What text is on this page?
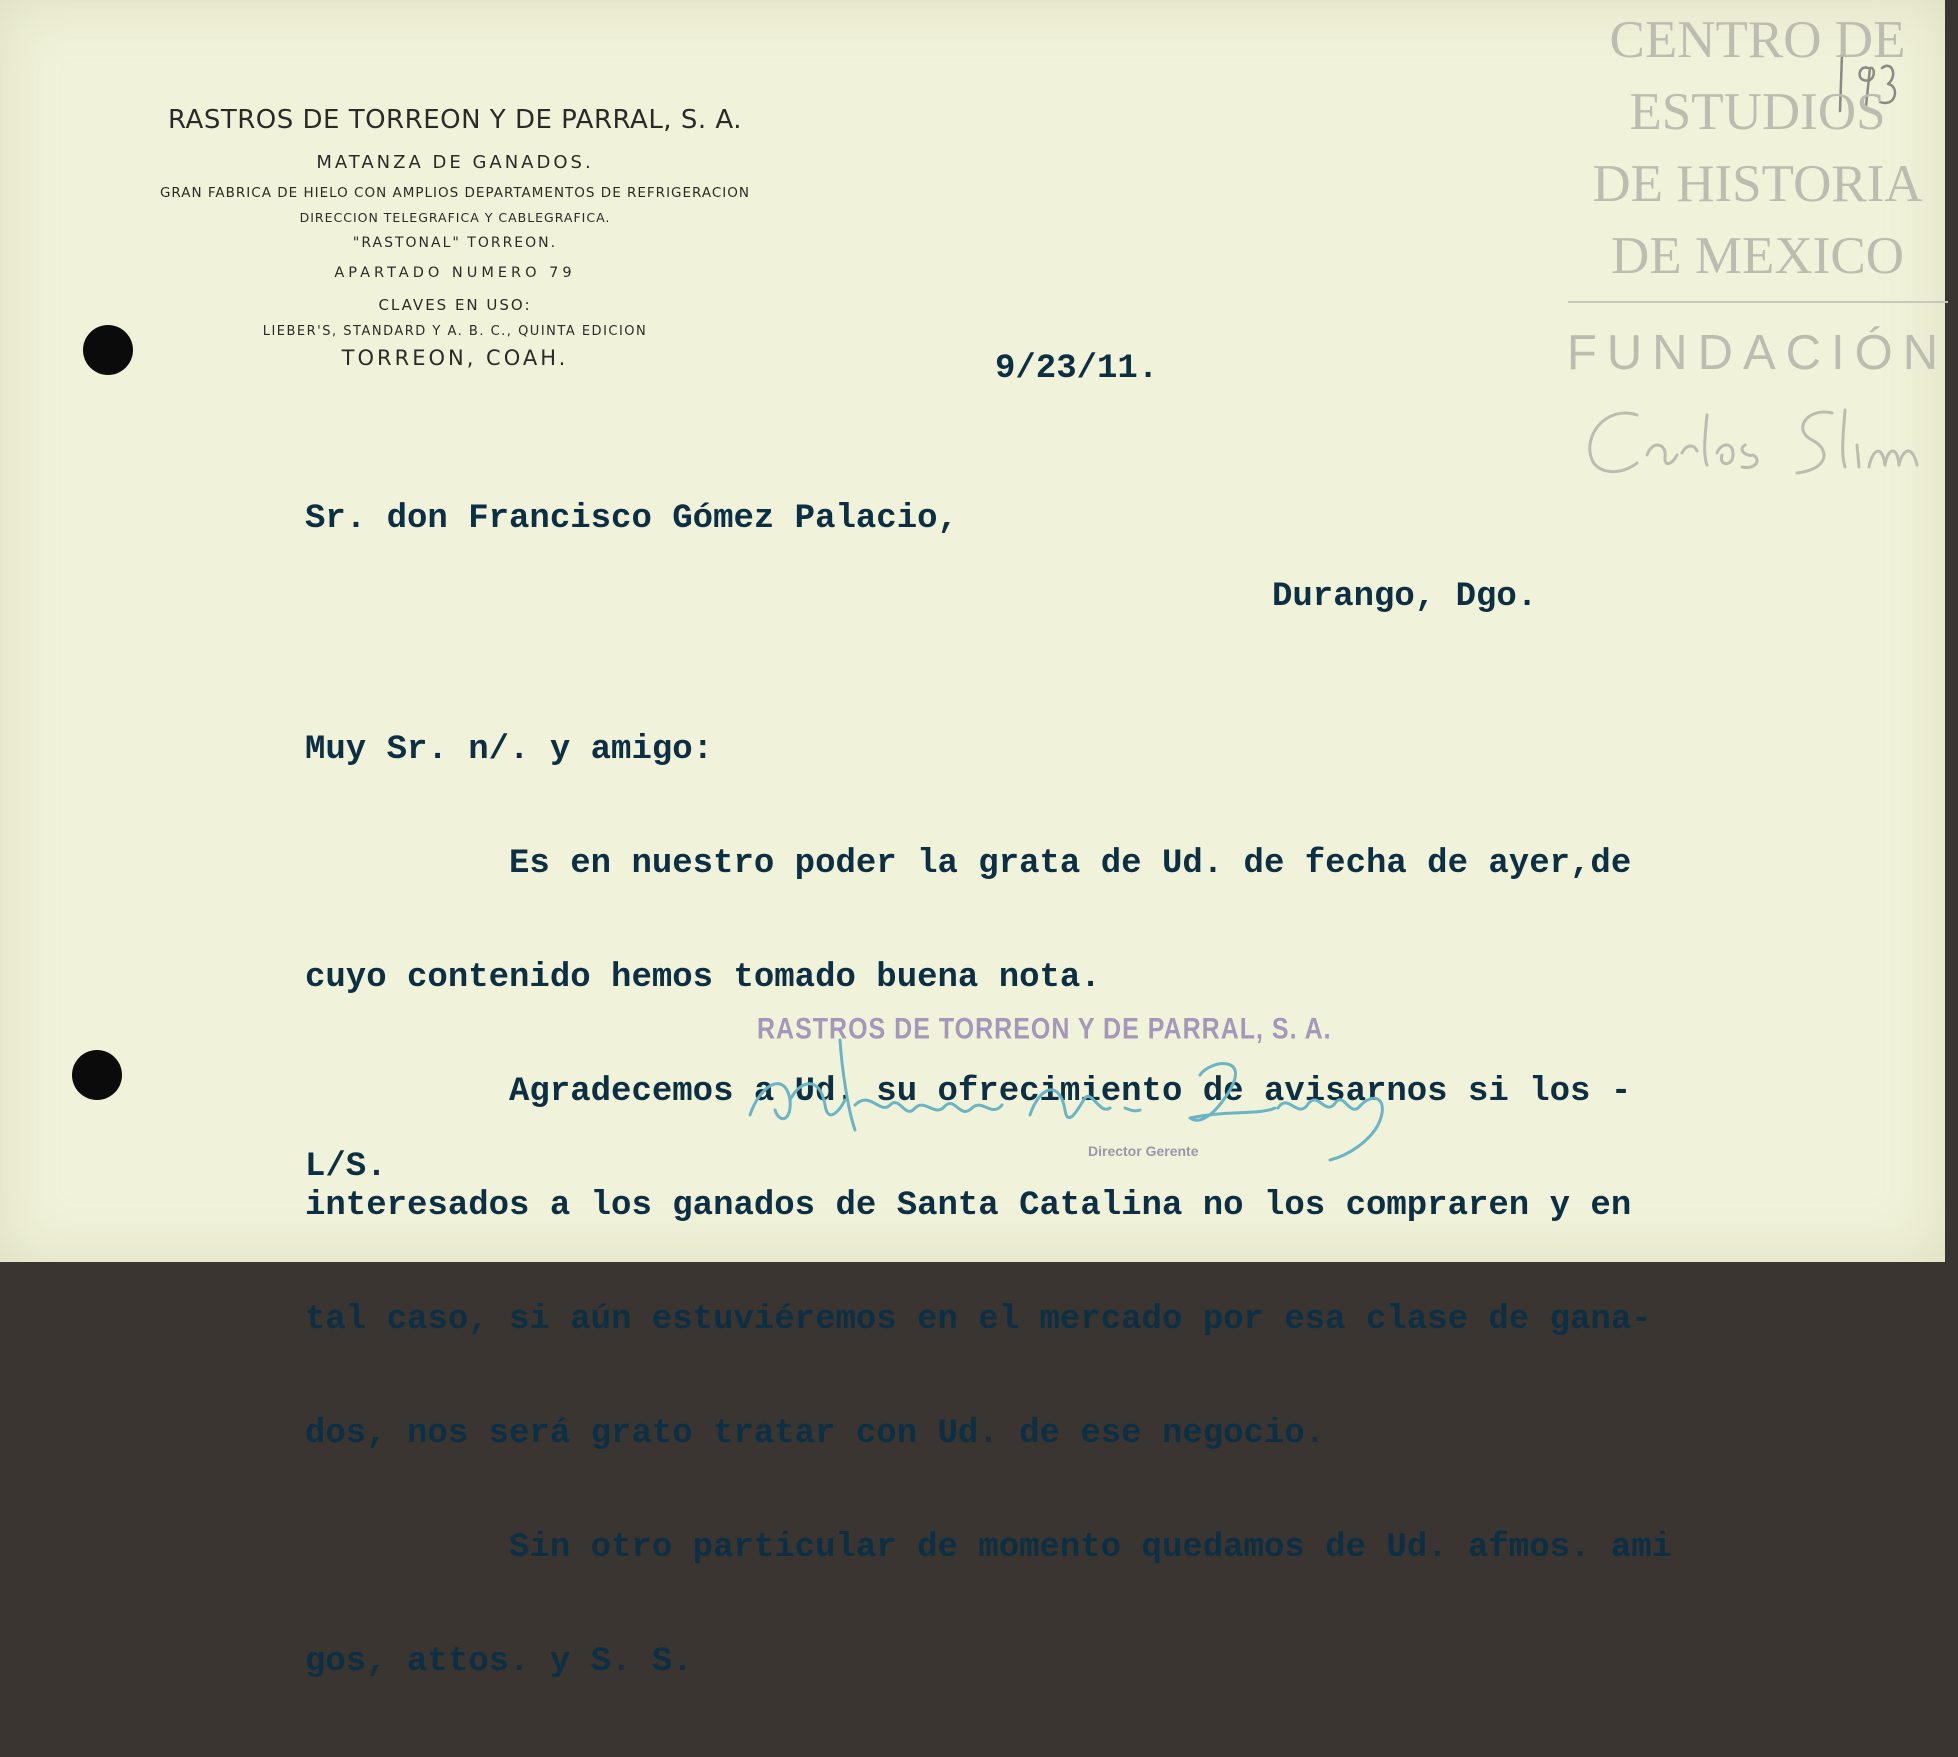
RASTROS DE TORREON Y DE PARRAL, S. A.

MATANZA DE GANADOS.

GRAN FABRICA DE HIELO CON AMPLIOS DEPARTAMENTOS DE REFRIGERACION

DIRECCION TELEGRAFICA Y CABLEGRAFICA.

"RASTONAL" TORREON.

APARTADO NUMERO 79

CLAVES EN USO:

LIEBER'S, STANDARD Y A. B. C., QUINTA EDICION

TORREON, COAH.	9/23/11.

Sr. don Francisco Gómez Palacio,

Durango, Dgo.

Muy Sr. n/. y amigo:

Es en nuestro poder la grata de Ud. de fecha de ayer,de

cuyo contenido hemos tomado buena nota.

Agradecemos a Ud. su ofrecimiento de avisarnos si los -

interesados a los ganados de Santa Catalina no los compraren y en

tal caso, si aún estuviéremos en el mercado por esa clase de gana-

dos, nos será grato tratar con Ud. de ese negocio.

Sin otro particular de momento quedamos de Ud. afmos. ami

gos, attos. y S. S.

RASTROS DE TORREON Y DE PARRAL, S. A.

Director Gerente

L/S.

CENTRO DE

ESTUDIOS

DE HISTORIA

DE MEXICO

FUNDACIÓN
